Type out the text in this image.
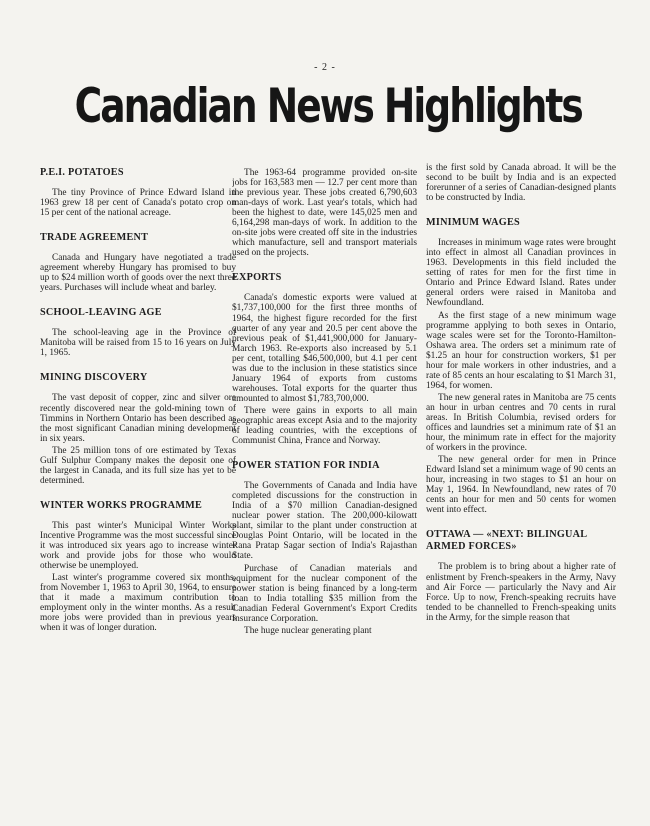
- 2 -
Canadian News Highlights
P.E.I. POTATOES

The tiny Province of Prince Edward Island in 1963 grew 18 per cent of Canada's potato crop on 15 per cent of the national acreage.

TRADE AGREEMENT

Canada and Hungary have negotiated a trade agreement whereby Hungary has promised to buy up to $24 million worth of goods over the next three years. Purchases will include wheat and barley.

SCHOOL-LEAVING AGE

The school-leaving age in the Province of Manitoba will be raised from 15 to 16 years on July 1, 1965.

MINING DISCOVERY

The vast deposit of copper, zinc and silver ore recently discovered near the gold-mining town of Timmins in Northern Ontario has been described as the most significant Canadian mining development in six years.

The 25 million tons of ore estimated by Texas Gulf Sulphur Company makes the deposit one of the largest in Canada, and its full size has yet to be determined.

WINTER WORKS PROGRAMME

This past winter's Municipal Winter Works Incentive Programme was the most successful since it was introduced six years ago to increase winter work and provide jobs for those who would otherwise be unemployed.

Last winter's programme covered six months, from November 1, 1963 to April 30, 1964, to ensure that it made a maximum contribution to employment only in the winter months. As a result more jobs were provided than in previous years when it was of longer duration.

The 1963-64 programme provided on-site jobs for 163,583 men — 12.7 per cent more than the previous year. These jobs created 6,790,603 man-days of work. Last year's totals, which had been the highest to date, were 145,025 men and 6,164,298 man-days of work. In addition to the on-site jobs were created off site in the industries which manufacture, sell and transport materials used on the projects.

EXPORTS

Canada's domestic exports were valued at $1,737,100,000 for the first three months of 1964, the highest figure recorded for the first quarter of any year and 20.5 per cent above the previous peak of $1,441,900,000 for January-March 1963. Re-exports also increased by 5.1 per cent, totalling $46,500,000, but 4.1 per cent was due to the inclusion in these statistics since January 1964 of exports from customs warehouses. Total exports for the quarter thus amounted to almost $1,783,700,000.

There were gains in exports to all main geographic areas except Asia and to the majority of leading countries, with the exceptions of Communist China, France and Norway.

POWER STATION FOR INDIA

The Governments of Canada and India have completed discussions for the construction in India of a $70 million Canadian-designed nuclear power station. The 200,000-kilowatt plant, similar to the plant under construction at Douglas Point Ontario, will be located in the Rana Pratap Sagar section of India's Rajasthan State.

Purchase of Canadian materials and equipment for the nuclear component of the power station is being financed by a long-term loan to India totalling $35 million from the Canadian Federal Government's Export Credits Insurance Corporation.

The huge nuclear generating plant

is the first sold by Canada abroad. It will be the second to be built by India and is an expected forerunner of a series of Canadian-designed plants to be constructed by India.

MINIMUM WAGES

Increases in minimum wage rates were brought into effect in almost all Canadian provinces in 1963. Developments in this field included the setting of rates for men for the first time in Ontario and Prince Edward Island. Rates under general orders were raised in Manitoba and Newfoundland.

As the first stage of a new minimum wage programme applying to both sexes in Ontario, wage scales were set for the Toronto-Hamilton-Oshawa area. The orders set a minimum rate of $1.25 an hour for construction workers, $1 per hour for male workers in other industries, and a rate of 85 cents an hour escalating to $1 March 31, 1964, for women.

The new general rates in Manitoba are 75 cents an hour in urban centres and 70 cents in rural areas. In British Columbia, revised orders for offices and laundries set a minimum rate of $1 an hour, the minimum rate in effect for the majority of workers in the province.

The new general order for men in Prince Edward Island set a minimum wage of 90 cents an hour, increasing in two stages to $1 an hour on May 1, 1964. In Newfoundland, new rates of 70 cents an hour for men and 50 cents for women went into effect.

OTTAWA — «NEXT: BILINGUAL ARMED FORCES»

The problem is to bring about a higher rate of enlistment by French-speakers in the Army, Navy and Air Force — particularly the Navy and Air Force. Up to now, French-speaking recruits have tended to be channelled to French-speaking units in the Army, for the simple reason that
